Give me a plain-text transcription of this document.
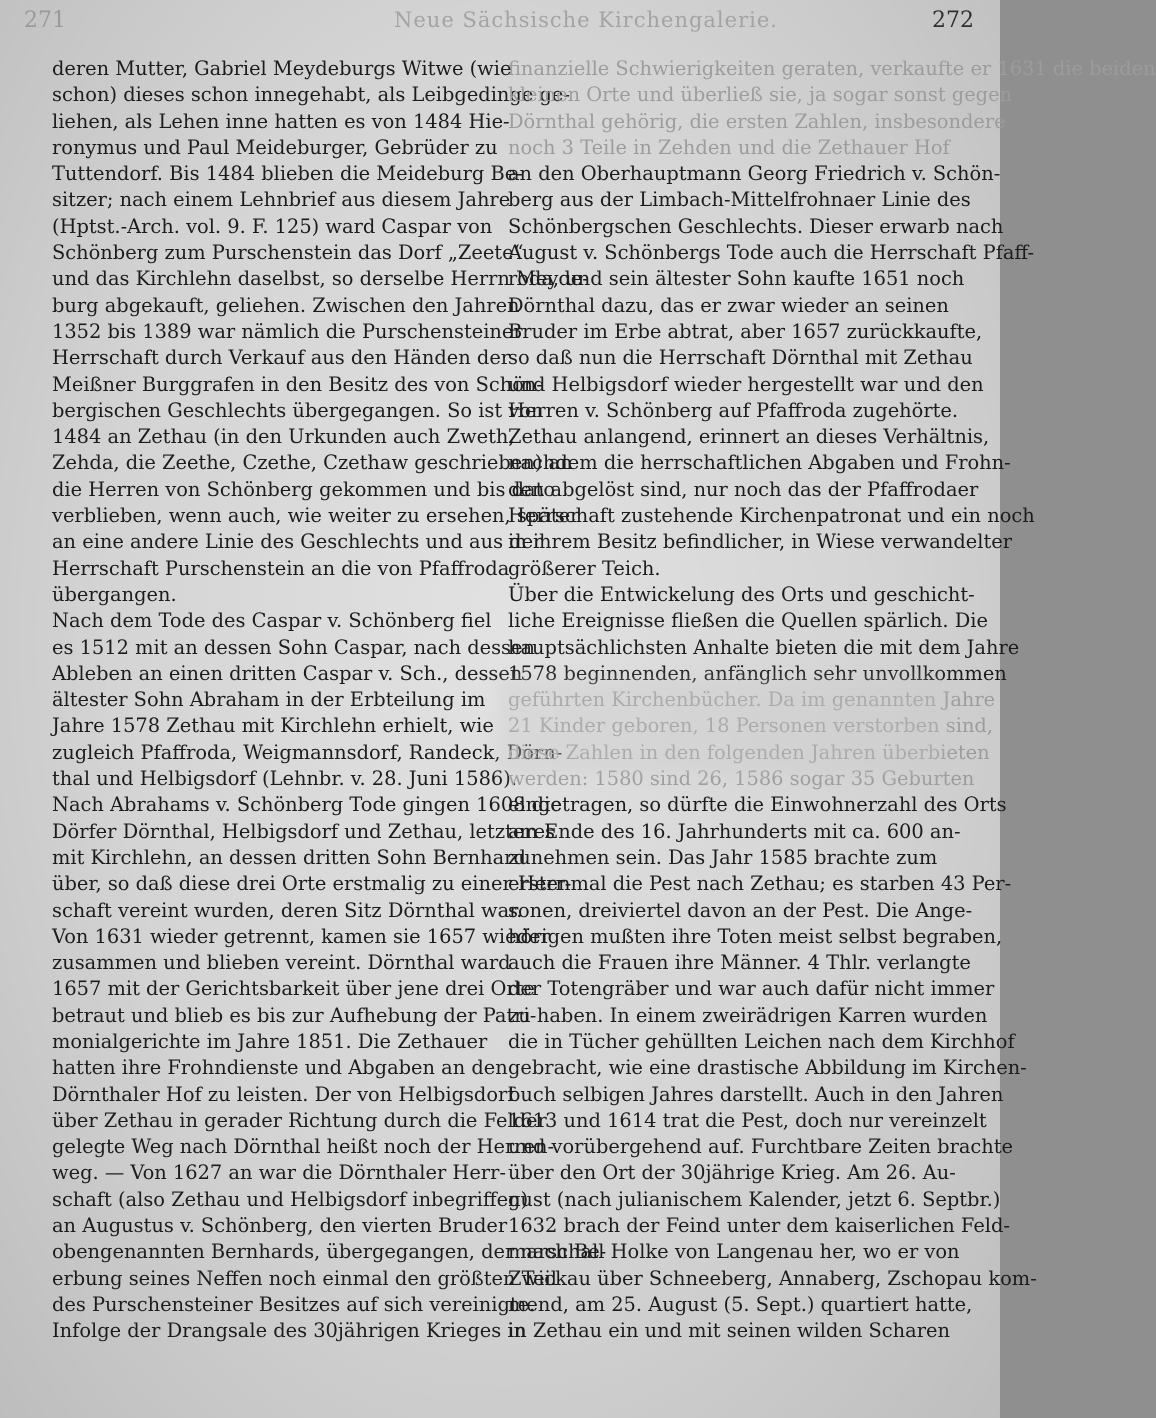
271	Neue Sächsische Kirchengalerie.	272
deren Mutter, Gabriel Meydeburgs Witwe (wie
schon) dieses schon innegehabt, als Leibgedinge ge-
liehen, als Lehen inne hatten es von 1484 Hie-
ronymus und Paul Meideburger, Gebrüder zu
Tuttendorf. Bis 1484 blieben die Meideburg Be-
sitzer; nach einem Lehnbrief aus diesem Jahre
(Hptst.-Arch. vol. 9. F. 125) ward Caspar von
Schönberg zum Purschenstein das Dorf „Zeete“
und das Kirchlehn daselbst, so derselbe Herrn Meyde-
burg abgekauft, geliehen. Zwischen den Jahren
1352 bis 1389 war nämlich die Purschensteiner
Herrschaft durch Verkauf aus den Händen der
Meißner Burggrafen in den Besitz des von Schön-
bergischen Geschlechts übergegangen. So ist von
1484 an Zethau (in den Urkunden auch Zweth,
Zehda, die Zeethe, Czethe, Czethaw geschrieben) an
die Herren von Schönberg gekommen und bis dato
verblieben, wenn auch, wie weiter zu ersehen, später
an eine andere Linie des Geschlechts und aus der
Herrschaft Purschenstein an die von Pfaffroda
übergangen.
Nach dem Tode des Caspar v. Schönberg fiel
es 1512 mit an dessen Sohn Caspar, nach dessen
Ableben an einen dritten Caspar v. Sch., dessen
ältester Sohn Abraham in der Erbteilung im
Jahre 1578 Zethau mit Kirchlehn erhielt, wie
zugleich Pfaffroda, Weigmannsdorf, Randeck, Dörn-
thal und Helbigsdorf (Lehnbr. v. 28. Juni 1586).
Nach Abrahams v. Schönberg Tode gingen 1608 die
Dörfer Dörnthal, Helbigsdorf und Zethau, letzteres
mit Kirchlehn, an dessen dritten Sohn Bernhard
über, so daß diese drei Orte erstmalig zu einer Herr-
schaft vereint wurden, deren Sitz Dörnthal war.
Von 1631 wieder getrennt, kamen sie 1657 wieder
zusammen und blieben vereint. Dörnthal ward
1657 mit der Gerichtsbarkeit über jene drei Orte
betraut und blieb es bis zur Aufhebung der Patri-
monialgerichte im Jahre 1851. Die Zethauer
hatten ihre Frohndienste und Abgaben an den
Dörnthaler Hof zu leisten. Der von Helbigsdorf
über Zethau in gerader Richtung durch die Felder
gelegte Weg nach Dörnthal heißt noch der Herren-
weg. — Von 1627 an war die Dörnthaler Herr-
schaft (also Zethau und Helbigsdorf inbegriffen)
an Augustus v. Schönberg, den vierten Bruder
obengenannten Bernhards, übergegangen, der nach Be-
erbung seines Neffen noch einmal den größten Teil
des Purschensteiner Besitzes auf sich vereinigte.
Infolge der Drangsale des 30jährigen Krieges in
finanzielle Schwierigkeiten geraten, verkaufte er 1631 die beiden
kleinen Orte und überließ sie, ja sogar sonst gegen
Dörnthal gehörig, die ersten Zahlen, insbesondere
noch 3 Teile in Zehden und die Zethauer Hof
an den Oberhauptmann Georg Friedrich v. Schön-
berg aus der Limbach-Mittelfrohnaer Linie des
Schönbergschen Geschlechts. Dieser erwarb nach
August v. Schönbergs Tode auch die Herrschaft Pfaff-
roda, und sein ältester Sohn kaufte 1651 noch
Dörnthal dazu, das er zwar wieder an seinen
Bruder im Erbe abtrat, aber 1657 zurückkaufte,
so daß nun die Herrschaft Dörnthal mit Zethau
und Helbigsdorf wieder hergestellt war und den
Herren v. Schönberg auf Pfaffroda zugehörte.
Zethau anlangend, erinnert an dieses Verhältnis,
nachdem die herrschaftlichen Abgaben und Frohn-
den abgelöst sind, nur noch das der Pfaffrodaer
Herrschaft zustehende Kirchenpatronat und ein noch
in ihrem Besitz befindlicher, in Wiese verwandelter
größerer Teich.
Über die Entwickelung des Orts und geschicht-
liche Ereignisse fließen die Quellen spärlich. Die
hauptsächlichsten Anhalte bieten die mit dem Jahre
1578 beginnenden, anfänglich sehr unvollkommen
geführten Kirchenbücher. Da im genannten Jahre
21 Kinder geboren, 18 Personen verstorben sind,
diese Zahlen in den folgenden Jahren überbieten
werden: 1580 sind 26, 1586 sogar 35 Geburten
eingetragen, so dürfte die Einwohnerzahl des Orts
am Ende des 16. Jahrhunderts mit ca. 600 an-
zunehmen sein. Das Jahr 1585 brachte zum
erstenmal die Pest nach Zethau; es starben 43 Per-
sonen, dreiviertel davon an der Pest. Die Ange-
hörigen mußten ihre Toten meist selbst begraben,
auch die Frauen ihre Männer. 4 Thlr. verlangte
der Totengräber und war auch dafür nicht immer
zu haben. In einem zweirädrigen Karren wurden
die in Tücher gehüllten Leichen nach dem Kirchhof
gebracht, wie eine drastische Abbildung im Kirchen-
buch selbigen Jahres darstellt. Auch in den Jahren
1613 und 1614 trat die Pest, doch nur vereinzelt
und vorübergehend auf. Furchtbare Zeiten brachte
über den Ort der 30jährige Krieg. Am 26. Au-
gust (nach julianischem Kalender, jetzt 6. Septbr.)
1632 brach der Feind unter dem kaiserlichen Feld-
marschall Holke von Langenau her, wo er von
Zwickau über Schneeberg, Annaberg, Zschopau kom-
mend, am 25. August (5. Sept.) quartiert hatte,
in Zethau ein und mit seinen wilden Scharen
